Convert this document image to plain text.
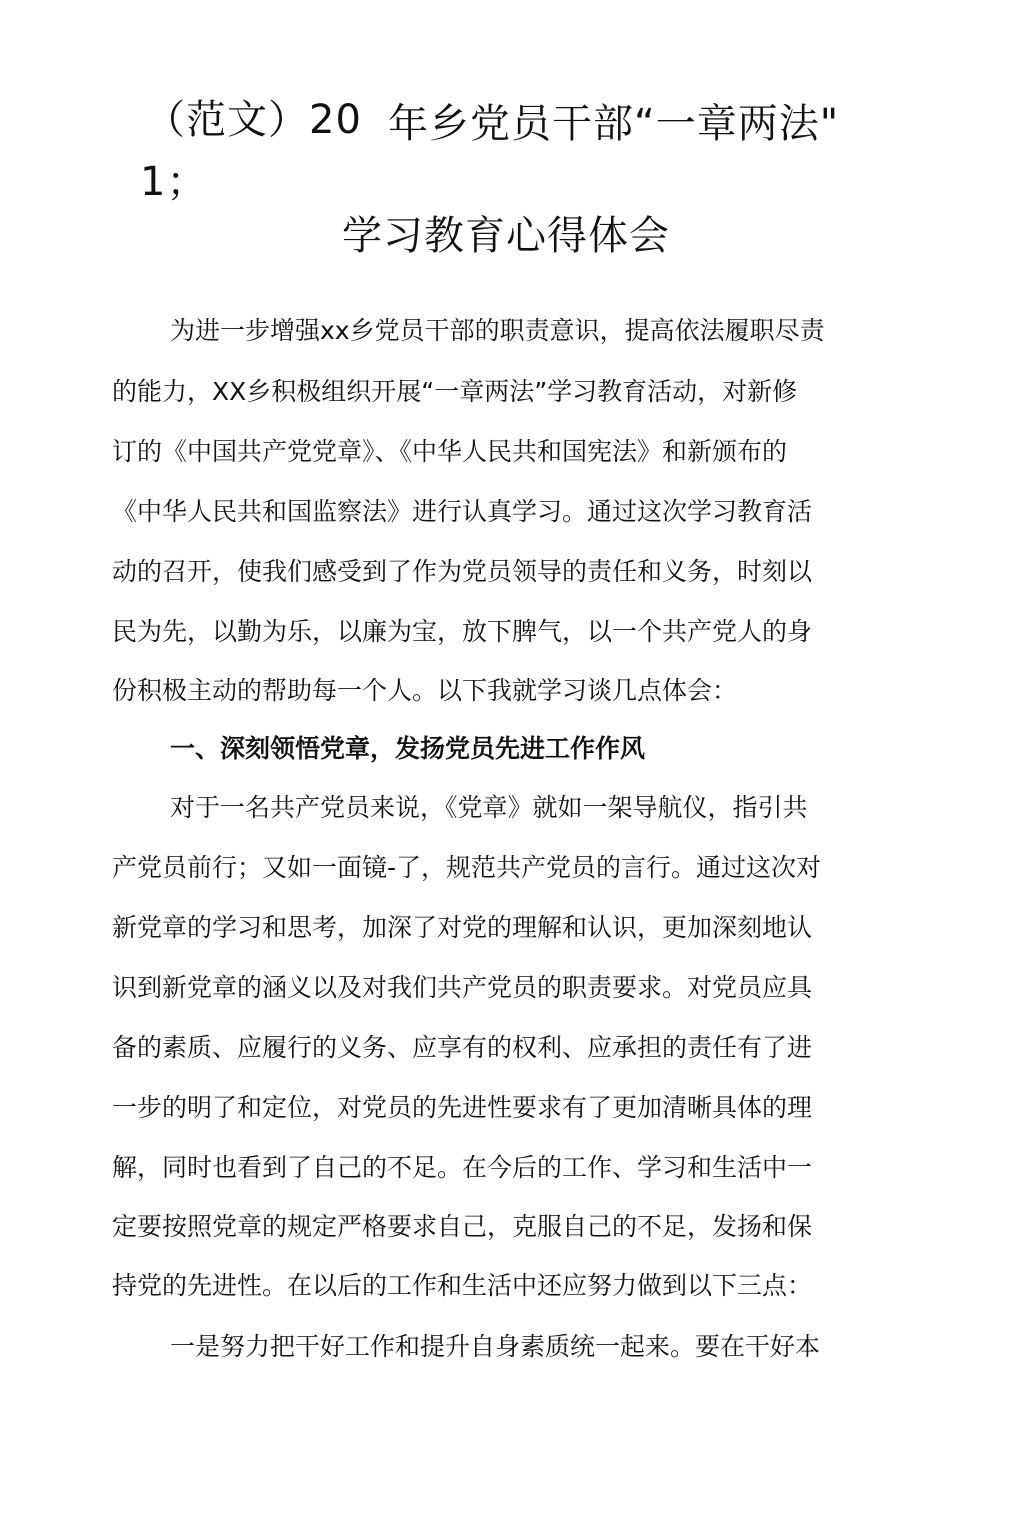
（范文）20 年乡党员干部“一章两法"
1；
学习教育心得体会
为进一步增强xx乡党员干部的职责意识，提高依法履职尽责
的能力，XX乡积极组织开展“一章两法”学习教育活动，对新修
订的《中国共产党党章》、《中华人民共和国宪法》和新颁布的
《中华人民共和国监察法》进行认真学习。通过这次学习教育活
动的召开，使我们感受到了作为党员领导的责任和义务，时刻以
民为先，以勤为乐，以廉为宝，放下脾气，以一个共产党人的身
份积极主动的帮助每一个人。以下我就学习谈几点体会：
一、深刻领悟党章，发扬党员先进工作作风
对于一名共产党员来说，《党章》就如一架导航仪，指引共
产党员前行；又如一面镜-了，规范共产党员的言行。通过这次对
新党章的学习和思考，加深了对党的理解和认识，更加深刻地认
识到新党章的涵义以及对我们共产党员的职责要求。对党员应具
备的素质、应履行的义务、应享有的权利、应承担的责任有了进
一步的明了和定位，对党员的先进性要求有了更加清晰具体的理
解，同时也看到了自己的不足。在今后的工作、学习和生活中一
定要按照党章的规定严格要求自己，克服自己的不足，发扬和保
持党的先进性。在以后的工作和生活中还应努力做到以下三点：
一是努力把干好工作和提升自身素质统一起来。要在干好本
